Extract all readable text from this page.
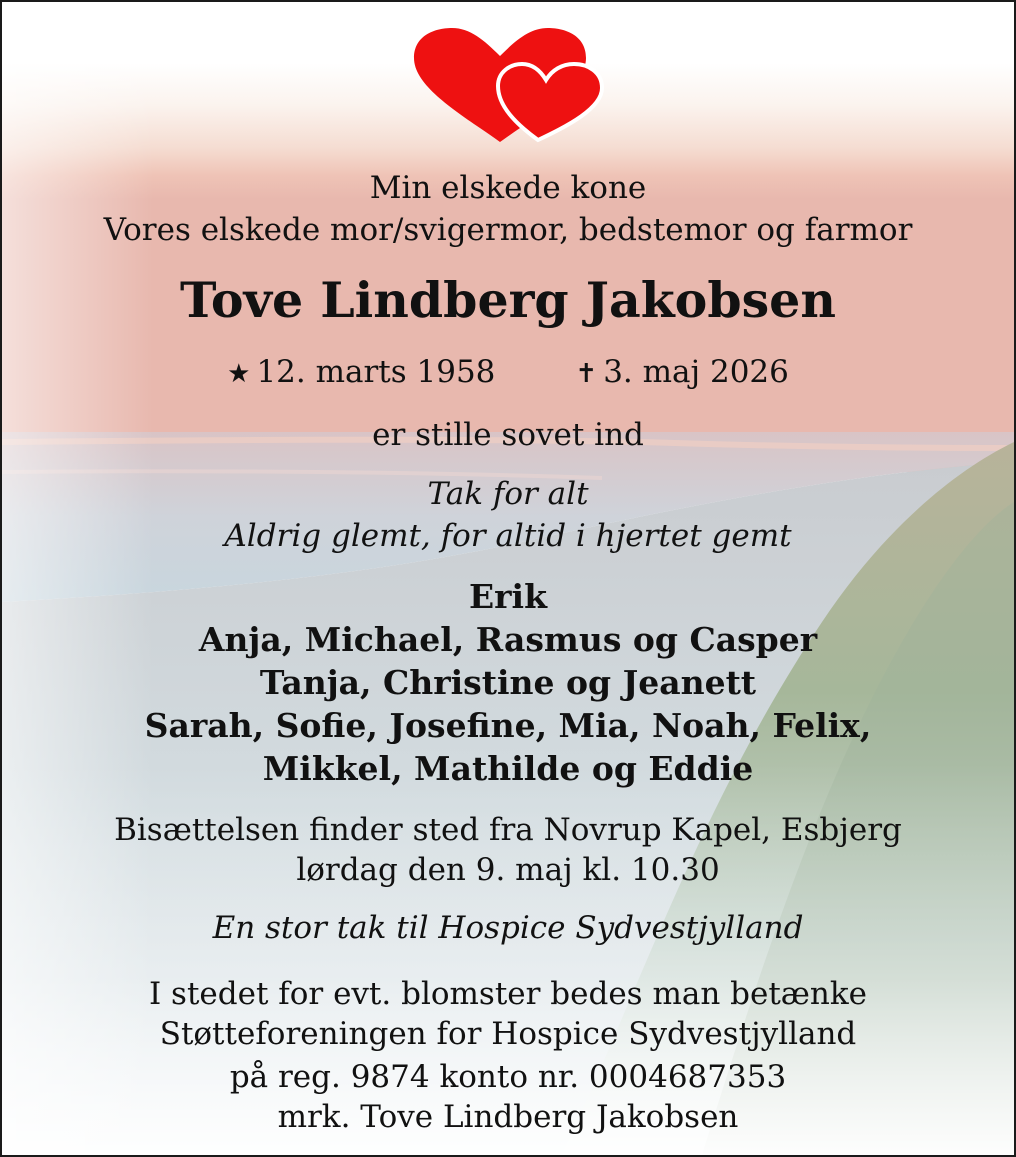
Min elskede kone
Vores elskede mor/svigermor, bedstemor og farmor
Tove Lindberg Jakobsen
★ 12. marts 1958	✝ 3. maj 2026
er stille sovet ind
Tak for alt
Aldrig glemt, for altid i hjertet gemt
Erik
Anja, Michael, Rasmus og Casper
Tanja, Christine og Jeanett
Sarah, Sofie, Josefine, Mia, Noah, Felix,
Mikkel, Mathilde og Eddie
Bisættelsen finder sted fra Novrup Kapel, Esbjerg
lørdag den 9. maj kl. 10.30
En stor tak til Hospice Sydvestjylland
I stedet for evt. blomster bedes man betænke
Støtteforeningen for Hospice Sydvestjylland
på reg. 9874 konto nr. 0004687353
mrk. Tove Lindberg Jakobsen
